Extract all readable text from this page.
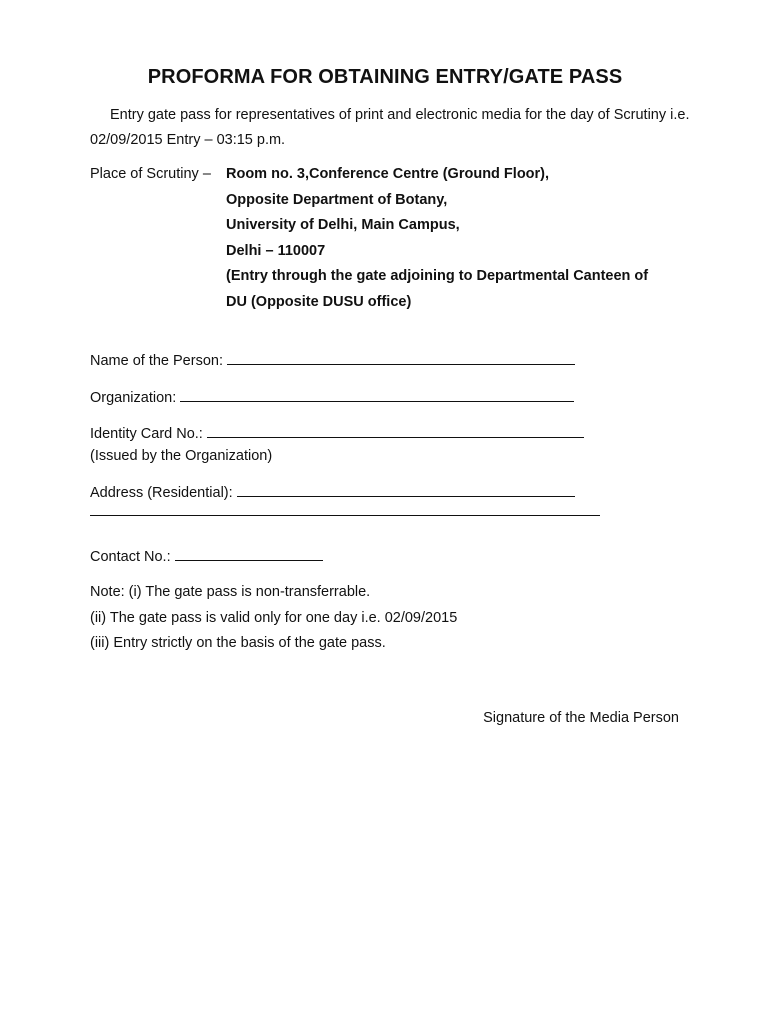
PROFORMA FOR OBTAINING ENTRY/GATE PASS
Entry gate pass for representatives of print and electronic media for the day of Scrutiny i.e. 02/09/2015 Entry – 03:15 p.m.
Place of Scrutiny – Room no. 3,Conference Centre (Ground Floor),
Opposite Department of Botany,
University of Delhi, Main Campus,
Delhi – 110007
(Entry through the gate adjoining to Departmental Canteen of
DU (Opposite DUSU office)
Name of the Person:
Organization:
Identity Card No.:
(Issued by the Organization)
Address (Residential):
Contact No.:
Note: (i) The gate pass is non-transferrable.
(ii) The gate pass is valid only for one day i.e. 02/09/2015
(iii) Entry strictly on the basis of the gate pass.
Signature of the Media Person
